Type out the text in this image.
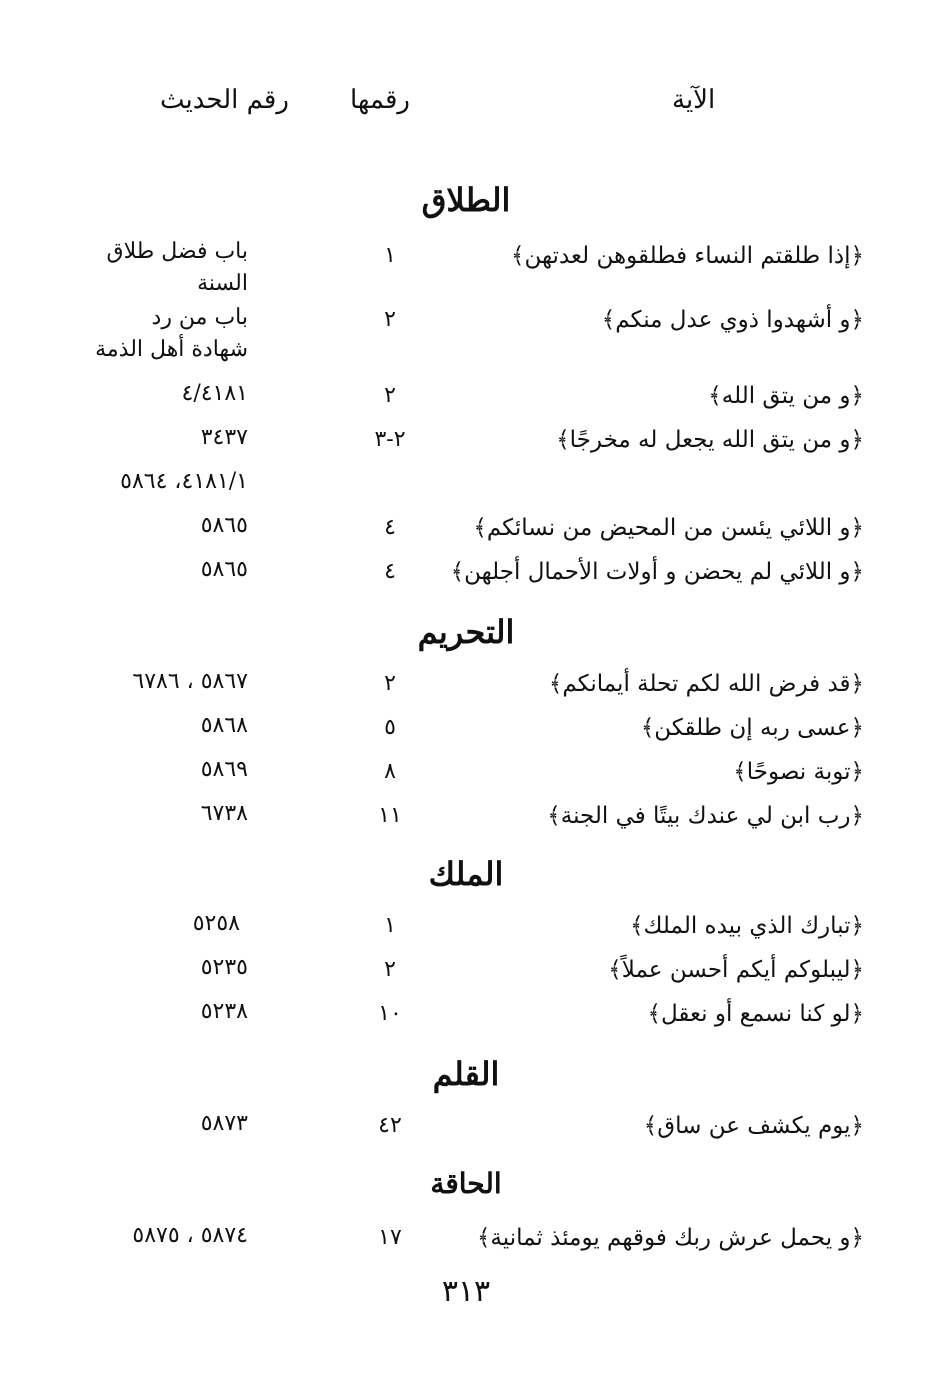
الآية
رقمها
رقم الحديث
الطلاق
﴿إذا طلقتم النساء فطلقوهن لعدتهن﴾
١
باب فضل طلاق السنة
﴿و أشهدوا ذوي عدل منكم﴾
٢
باب من رد شهادة أهل الذمة
﴿و من يتق الله﴾
٢
٤/٤١٨١
﴿و من يتق الله يجعل له مخرجًا﴾
٢-٣
٣٤٣٧
٤١٨١/١، ٥٨٦٤
﴿و اللائي يئسن من المحيض من نسائكم﴾
٤
٥٨٦٥
﴿و اللائي لم يحضن و أولات الأحمال أجلهن﴾
٤
٥٨٦٥
التحريم
﴿قد فرض الله لكم تحلة أيمانكم﴾
٢
٥٨٦٧ ، ٦٧٨٦
﴿عسى ربه إن طلقكن﴾
٥
٥٨٦٨
﴿توبة نصوحًا﴾
٨
٥٨٦٩
﴿رب ابن لي عندك بيتًا في الجنة﴾
١١
٦٧٣٨
الملك
﴿تبارك الذي بيده الملك﴾
١
٥٢٥٨
﴿ليبلوكم أيكم أحسن عملاً﴾
٢
٥٢٣٥
﴿لو كنا نسمع أو نعقل﴾
١٠
٥٢٣٨
القلم
﴿يوم يكشف عن ساق﴾
٤٢
٥٨٧٣
الحاقة
﴿و يحمل عرش ربك فوقهم يومئذ ثمانية﴾
١٧
٥٨٧٤ ، ٥٨٧٥
٣١٣
